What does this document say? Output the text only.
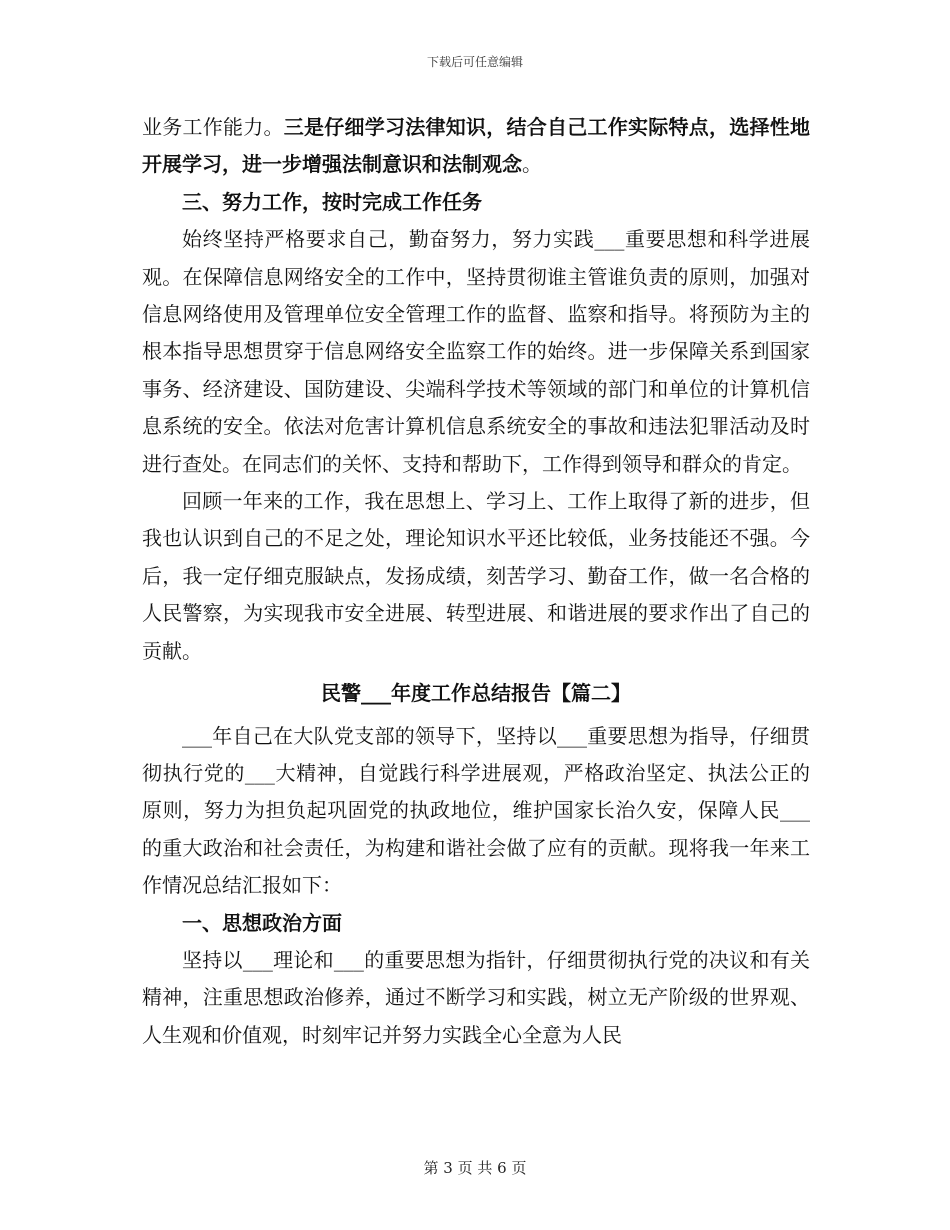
下载后可任意编辑

业务工作能力。三是仔细学习法律知识，结合自己工作实际特点，选择性地开展学习，进一步增强法制意识和法制观念。

三、努力工作，按时完成工作任务

始终坚持严格要求自己，勤奋努力，努力实践___重要思想和科学进展观。在保障信息网络安全的工作中，坚持贯彻谁主管谁负责的原则，加强对信息网络使用及管理单位安全管理工作的监督、监察和指导。将预防为主的根本指导思想贯穿于信息网络安全监察工作的始终。进一步保障关系到国家事务、经济建设、国防建设、尖端科学技术等领域的部门和单位的计算机信息系统的安全。依法对危害计算机信息系统安全的事故和违法犯罪活动及时进行查处。在同志们的关怀、支持和帮助下，工作得到领导和群众的肯定。

回顾一年来的工作，我在思想上、学习上、工作上取得了新的进步，但我也认识到自己的不足之处，理论知识水平还比较低，业务技能还不强。今后，我一定仔细克服缺点，发扬成绩，刻苦学习、勤奋工作，做一名合格的人民警察，为实现我市安全进展、转型进展、和谐进展的要求作出了自己的贡献。

民警___年度工作总结报告【篇二】

___年自己在大队党支部的领导下，坚持以___重要思想为指导，仔细贯彻执行党的___大精神，自觉践行科学进展观，严格政治坚定、执法公正的原则，努力为担负起巩固党的执政地位，维护国家长治久安，保障人民___的重大政治和社会责任，为构建和谐社会做了应有的贡献。现将我一年来工作情况总结汇报如下：

一、思想政治方面

坚持以___理论和___的重要思想为指针，仔细贯彻执行党的决议和有关精神，注重思想政治修养，通过不断学习和实践，树立无产阶级的世界观、人生观和价值观，时刻牢记并努力实践全心全意为人民

第 3 页 共 6 页
